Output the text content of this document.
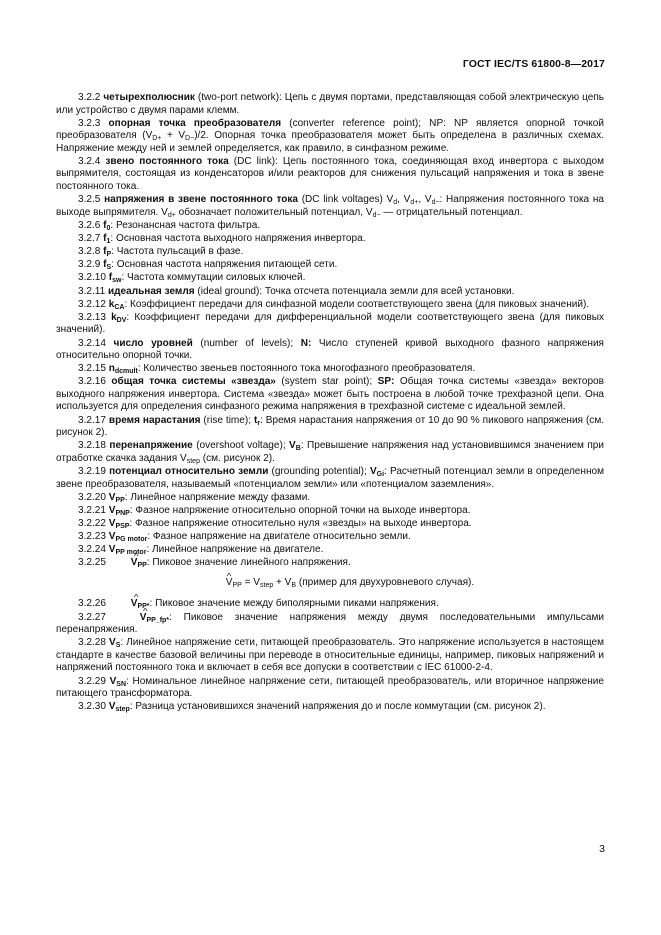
ГОСТ IEC/TS 61800-8—2017

3.2.2 четырехполюсник (two-port network): Цепь с двумя портами, представляющая собой электрическую цепь или устройство с двумя парами клемм.

3.2.3 опорная точка преобразователя (converter reference point); NP: NP является опорной точкой преобразователя $(V_{D+} + V_{D-})/2$. Опорная точка преобразователя может быть определена в различных схемах. Напряжение между ней и землей определяется, как правило, в синфазном режиме.

3.2.4 звено постоянного тока (DC link): Цепь постоянного тока, соединяющая вход инвертора с выходом выпрямителя, состоящая из конденсаторов и/или реакторов для снижения пульсаций напряжения и тока в звене постоянного тока.

3.2.5 напряжения в звене постоянного тока (DC link voltages) $V_d$, $V_{d+}$, $V_{d-}$: Напряжения постоянного тока на выходе выпрямителя. $V_{d+}$ обозначает положительный потенциал, $V_{d-}$ — отрицательный потенциал.

3.2.6 $f_0$: Резонансная частота фильтра.

3.2.7 $f_1$: Основная частота выходного напряжения инвертора.

3.2.8 $f_P$: Частота пульсаций в фазе.

3.2.9 $f_S$: Основная частота напряжения питающей сети.

3.2.10 $f_{sw}$: Частота коммутации силовых ключей.

3.2.11 идеальная земля (ideal ground): Точка отсчета потенциала земли для всей установки.

3.2.12 $k_{CA}$: Коэффициент передачи для синфазной модели соответствующего звена (для пиковых значений).

3.2.13 $k_{DV}$: Коэффициент передачи для дифференциальной модели соответствующего звена (для пиковых значений).

3.2.14 число уровней (number of levels); N: Число ступеней кривой выходного фазного напряжения относительно опорной точки.

3.2.15 $n_{dcmult}$: Количество звеньев постоянного тока многофазного преобразователя.

3.2.16 общая точка системы «звезда» (system star point); SP: Общая точка системы «звезда» векторов выходного напряжения инвертора. Система «звезда» может быть построена в любой точке трехфазной цепи. Она используется для определения синфазного режима напряжения в трехфазной системе с идеальной землей.

3.2.17 время нарастания (rise time); $t_r$: Время нарастания напряжения от 10 до 90 % пикового напряжения (см. рисунок 2).

3.2.18 перенапряжение (overshoot voltage); $V_B$: Превышение напряжения над установившимся значением при отработке скачка задания $V_{step}$ (см. рисунок 2).

3.2.19 потенциал относительно земли (grounding potential); $V_{Gi}$: Расчетный потенциал земли в определенном звене преобразователя, называемый «потенциалом земли» или «потенциалом заземления».

3.2.20 $V_{PP}$: Линейное напряжение между фазами.

3.2.21 $V_{PNP}$: Фазное напряжение относительно опорной точки на выходе инвертора.

3.2.22 $V_{PSP}$: Фазное напряжение относительно нуля «звезды» на выходе инвертора.

3.2.23 $V_{PG motor}$: Фазное напряжение на двигателе относительно земли.

3.2.24 $V_{PP motor}$: Линейное напряжение на двигателе.

3.2.25 ^ $V_{PP}$: Пиковое значение линейного напряжения.

^ $V_{PP} = V_{step} + V_B$ (пример для двухуровневого случая).

3.2.26 ^ $V_{PP*}$: Пиковое значение между биполярными пиками напряжения.

3.2.27	^ $V_{PP\_fp*}$: Пиковое значение напряжения между двумя последовательными импульсами перенапряжения.

3.2.28 $V_S$: Линейное напряжение сети, питающей преобразователь. Это напряжение используется в настоящем стандарте в качестве базовой величины при переводе в относительные единицы, например, пиковых напряжений и напряжений постоянного тока и включает в себя все допуски в соответствии с IEC 61000-2-4.

3.2.29 $V_{SN}$: Номинальное линейное напряжение сети, питающей преобразователь, или вторичное напряжение питающего трансформатора.

3.2.30 $V_{step}$: Разница установившихся значений напряжения до и после коммутации (см. рисунок 2).

3
